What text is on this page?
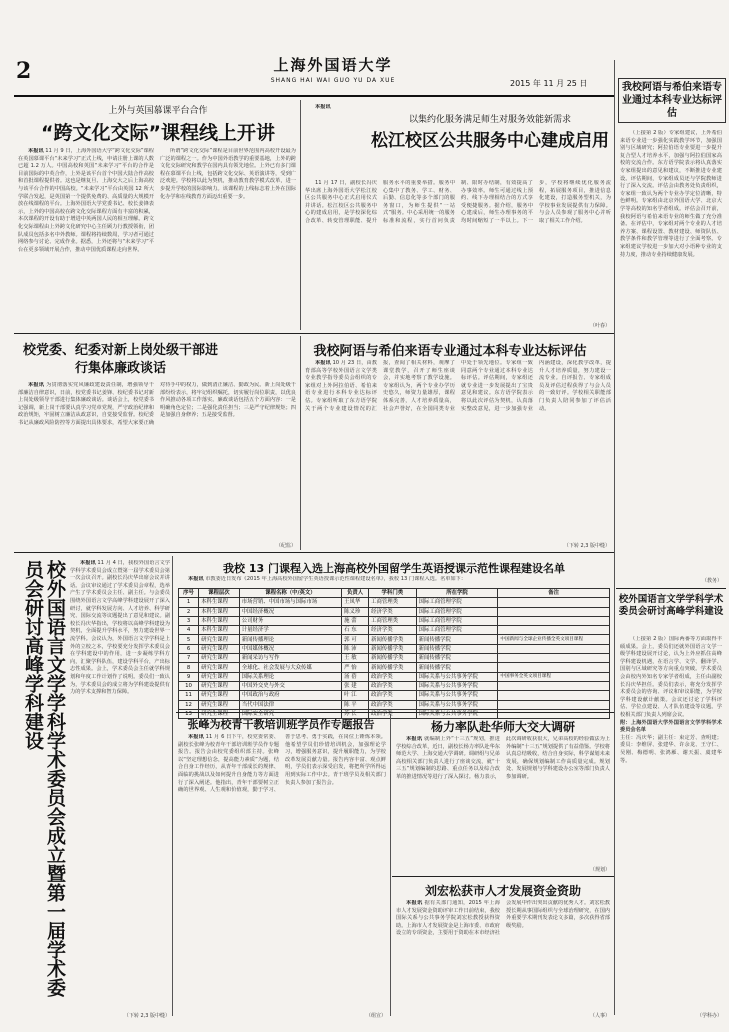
2	上海外国语大学
SHANG HAI WAI GUO YU DA XUE	2015 年 11 月 25 日
上外与英国慕课平台合作
“跨文化交际”课程线上开讲

本报讯 11 月 9 日，上海外国语大学“跨文化交际”课程在英国慕课平台“未来学习”正式上线，申请注册上课的人数已超 1.2 万人。中国高校和英国“未来学习”平台的合作是目前国际的中英合作，上外是该平台首个中国大陆合作高校和首批课程提供者。这也是继复旦、上海交大之后上海高校与该平台合作的中国高校。“未来学习”平台由英国 12 所大学联合发起，是英国第一个提供免费的、高质量的大规模开放在线课程的平台。上海外国语大学党委书记、校长姜锋表示，上外的中国高校在跨文化交际课程方面有丰富的积累，本次课程的开设有助于增进中英两国人民的相互理解。跨文化交际课程由上外跨文化研究中心主任顾力行教授领衔，团队成员包括多名中外教师。课程将持续数周，学习者可通过网络参与讨论、完成作业。据悉，上外还将与“未来学习”平台在更多领域开展合作，推动中国优质课程走向世界。

所谓“跨文化交际”课程是目前世界范围内高校开设最为广泛的课程之一。作为中国外语教学的重要基地，上外的跨文化交际研究和教学在国内具有领先地位。上外已有多门课程在慕课平台上线，包括跨文化交际、英语演讲等，受到广泛欢迎。学校将以此为契机，推动教育教学模式改革，进一步提升学校的国际影响力。该课程的上线标志着上外在国际化办学和在线教育方面迈出重要一步。

本报讯

以集约化服务满足师生对服务效能新需求
松江校区公共服务中心建成启用

11 月 17 日，副校长冯庆华出席上海外国语大学松江校区公共服务中心正式启用仪式并讲话。松江校区公共服务中心的建成启用，是学校深化综合改革、转变管理职能、提升服务水平的重要举措。服务中心集中了教务、学工、财务、后勤、信息化等多个部门的服务窗口，为师生提供“一站式”服务。中心采用统一的服务标准和流程，实行首问负责制、限时办结制，有效提高了办事效率。师生可通过线上预约、线下办理相结合的方式享受便捷服务。据介绍，服务中心建成后，师生办理事务的平均时间缩短了一半以上。下一步，学校将继续优化服务流程，拓展服务项目，推进信息化建设，打造服务型机关，为学校事业发展提供有力保障。与会人员参观了服务中心并听取了相关工作介绍。

（叶春）
校党委、纪委对新上岗处级干部进行集体廉政谈话

本报讯 为贯彻落实党风廉政建设责任制，增强领导干部廉洁自律意识，日前，校党委书记姜锋、校纪委书记对新上岗处级领导干部进行集体廉政谈话。谈话会上，校党委书记强调，新上岗干部要认真学习党章党规，严守政治纪律和政治规矩，牢固树立廉洁从政意识，自觉接受监督。校纪委书记从廉政风险防控等方面提出具体要求，希望大家要正确对待手中的权力，做到清正廉洁、勤政为民。新上岗处级干部纷纷表示，将牢记组织嘱托，切实履行岗位职责，以优良作风推动各项工作落实。廉政谈话包括五个方面内容：一是明确角色定位；二是强化责任担当；三是严守纪律规矩；四是加强自身修养；五是接受监督。

（纪监）
我校阿语与希伯来语专业通过本科专业达标评估

本报讯 10 月 23 日，由教育部高等学校外国语言文学类专业教学指导委员会组织的专家组对上外阿拉伯语、希伯来语专业进行本科专业达标评估。专家组听取了东方语学院关于两个专业建设情况的汇报，查阅了相关材料，观摩了课堂教学，召开了师生座谈会，并实地考察了教学设施。专家组认为，两个专业办学历史悠久，师资力量雄厚，课程体系完善，人才培养质量高，社会声誉好，在全国同类专业中处于领先地位。专家组一致同意两个专业通过本科专业达标评估。评估期间，专家组还就专业进一步发展提出了宝贵意见和建议。东方语学院表示将以此次评估为契机，认真落实整改意见，进一步加强专业内涵建设，深化教学改革，提升人才培养质量，努力建设一流专业。自评报告、专家组成员及评估过程获得了与会人员的一致好评。学校相关职能部门负责人陪同参加了评估活动。

（下转 2,3 版中缝）
校外国语言文学学科学术委员会成立暨第一届学术委员会研讨高峰学科建设	本报讯 11 月 4 日，我校外国语言文学学科学术委员会成立暨第一届学术委员会第一次会议召开。副校长冯庆华出席会议并讲话。会议审议通过了学术委员会章程，选举产生了学术委员会主任、副主任。与会委员围绕外国语言文学高峰学科建设展开了深入研讨，就学科发展方向、人才培养、科学研究、国际交流等议题提出了意见和建议。副校长冯庆华指出，学校将以高峰学科建设为契机，全面提升学科水平，努力建设世界一流学科。会议认为，外国语言文学学科是上外的立校之本，学校要充分发挥学术委员会在学科建设中的作用，进一步凝练学科方向，汇聚学科队伍，建设学科平台，产出标志性成果。会上，学术委员会主任就学科规划和年度工作计划作了说明。委员们一致认为，学术委员会的成立将为学科建设提供有力的学术支撑和智力保障。

（下转 2,3 版中缝）
我校 13 门课程入选上海高校外国留学生英语授课示范性课程建设名单

本报讯 市教委近日发布《2015 年上海高校外国留学生英语授课示范性课程建设名单》，我校 13 门课程入选。名单如下：

序号	课程层次	课程名称（中/英文）	负责人	学科门类	所在学院	备注
1	本科生课程	市场营销、中国市场与国际市场	王凤华	工商管理类	国际工商管理学院	
2	本科生课程	中国经济概况	陈义珍	经济学类	国际工商管理学院	
3	本科生课程	公司财务	施 蕾	工商管理类	国际工商管理学院	
4	本科生课程	计量经济学	石 东	经济学类	国际工商管理学院	
5	研究生课程	新闻传播理论	郭 可	新闻传播学类	新闻传播学院	中国新闻与全球企业传播全英文项目课程
6	研究生课程	中国媒体概况	陈 沛	新闻传播学类	新闻传播学院	
7	研究生课程	新闻采访与写作	王 敏	新闻传播学类	新闻传播学院	
8	研究生课程	全球化、社会发展与大众传媒	严 怡	新闻传播学类	新闻传播学院	
9	研究生课程	国际关系理论	汤 蓓	政治学类	国际关系与公共事务学院	中国事务全英文项目课程
10	研究生课程	中国外交史与外交	张 建	政治学类	国际关系与公共事务学院	
11	研究生课程	中国政治与政府	叶 江	政治学类	国际关系与公共事务学院	
12	研究生课程	当代中国法律	陈 平	政治学类	国际关系与公共事务学院	
13	研究生课程	国际安全研究	苏 长	政治学类	国际关系与公共事务学院	
张峰为校青干教培训班学员作专题报告

本报讯 11 月 6 日下午，校党委常委、副校长张峰为校青年干部培训班学员作专题报告。报告会由校党委组织部主持。张峰以“坚定理想信念，提高能力素质”为题，结合自身工作经历，从青年干部成长的规律、面临的挑战以及如何提升自身能力等方面进行了深入阐述。他指出，青年干部要树立正确的世界观、人生观和价值观，勤于学习、善于思考、勇于实践，在岗位上锤炼本领。他希望学员们珍惜培训机会，加强理论学习，增强服务意识，提升履职能力，为学校改革发展贡献力量。报告内容丰富、观点鲜明，学员们表示深受启发，将把所学所得运用到实际工作中去。青干班学员及相关部门负责人参加了报告会。

（组宣）
杨力率队赴华师大交大调研

本报讯 就编制上外“十三五”规划，推进学校综合改革，近日，副校长杨力率队赴华东师范大学、上海交通大学调研。调研组与兄弟高校相关部门负责人进行了座谈交流，就“十三五”规划编制的思路、重点任务以及综合改革的推进情况等进行了深入探讨。杨力表示，此次调研收获很大，兄弟高校的经验做法为上外编制“十三五”规划提供了有益借鉴。学校将认真总结吸收，结合自身实际，科学谋划未来发展，确保规划编制工作高质量完成。规划处、发展规划与学科建设办公室等部门负责人参加调研。

（规划）
刘宏松获市人才发展资金资助

本报讯 据有关部门通知，2015 年上海市人才发展资金资助评审工作日前结束，我校国际关系与公共事务学院刘宏松教授获得资助。上海市人才发展资金是上海市委、市政府设立的专项资金，主要用于资助在本市经济社会发展中作出突出贡献的优秀人才。刘宏松教授长期从事国际组织与全球治理研究，在国内外重要学术期刊发表论文多篇，多次获得省部级奖励。

（人事）
我校阿语与希伯来语专业通过本科专业达标评估

（上接第 2 版）专家组建议，上外希伯来语专业进一步强化实践教学环节，加强国别与区域研究；阿拉伯语专业要进一步提升复合型人才培养水平，加强与阿拉伯国家高校的交流合作。东方语学院表示将认真落实专家组提出的意见和建议，不断推进专业建设。评估期间，专家组成员还与学院教师进行了深入交流。评估会由教务处负责组织，专家组一致认为两个专业办学定位清晰，特色鲜明。专家组由北京外国语大学、北京大学等高校的知名学者组成。评估会召开前，我校阿语与希伯来语专业的师生做了充分准备。在评估中，专家组对两个专业的人才培养方案、课程设置、教材建设、师资队伍、教学条件和教学管理等进行了全面考察。专家组建议学校进一步加大对小语种专业的支持力度，推动专业持续健康发展。

（教务）
校外国语言文学学科学术委员会研讨高峰学科建设

（上接第 2 版）国际两番等方面取得丰硕成果。会上，委员们还就外国语言文学一级学科建设展开讨论，认为上外应抓住高峰学科建设机遇，在语言学、文学、翻译学、国别与区域研究等方向重点突破。学术委员会由校内外知名专家学者组成，主任由副校长冯庆华担任。委员们表示，将充分发挥学术委员会的咨询、评议和审议职能，为学校学科建设献计献策。会议还讨论了学科评估、学位点建设、人才队伍建设等议题。学校相关部门负责人列席会议。

附：上海外国语大学外国语言文学学科学术委员会名单

主任：冯庆华；副主任：束定芳、查明建；委员：李维屏、张建华、许余龙、王守仁、吴刚、梅德明、张鸿雁、谢天振、虞建华等。

（学科办）
